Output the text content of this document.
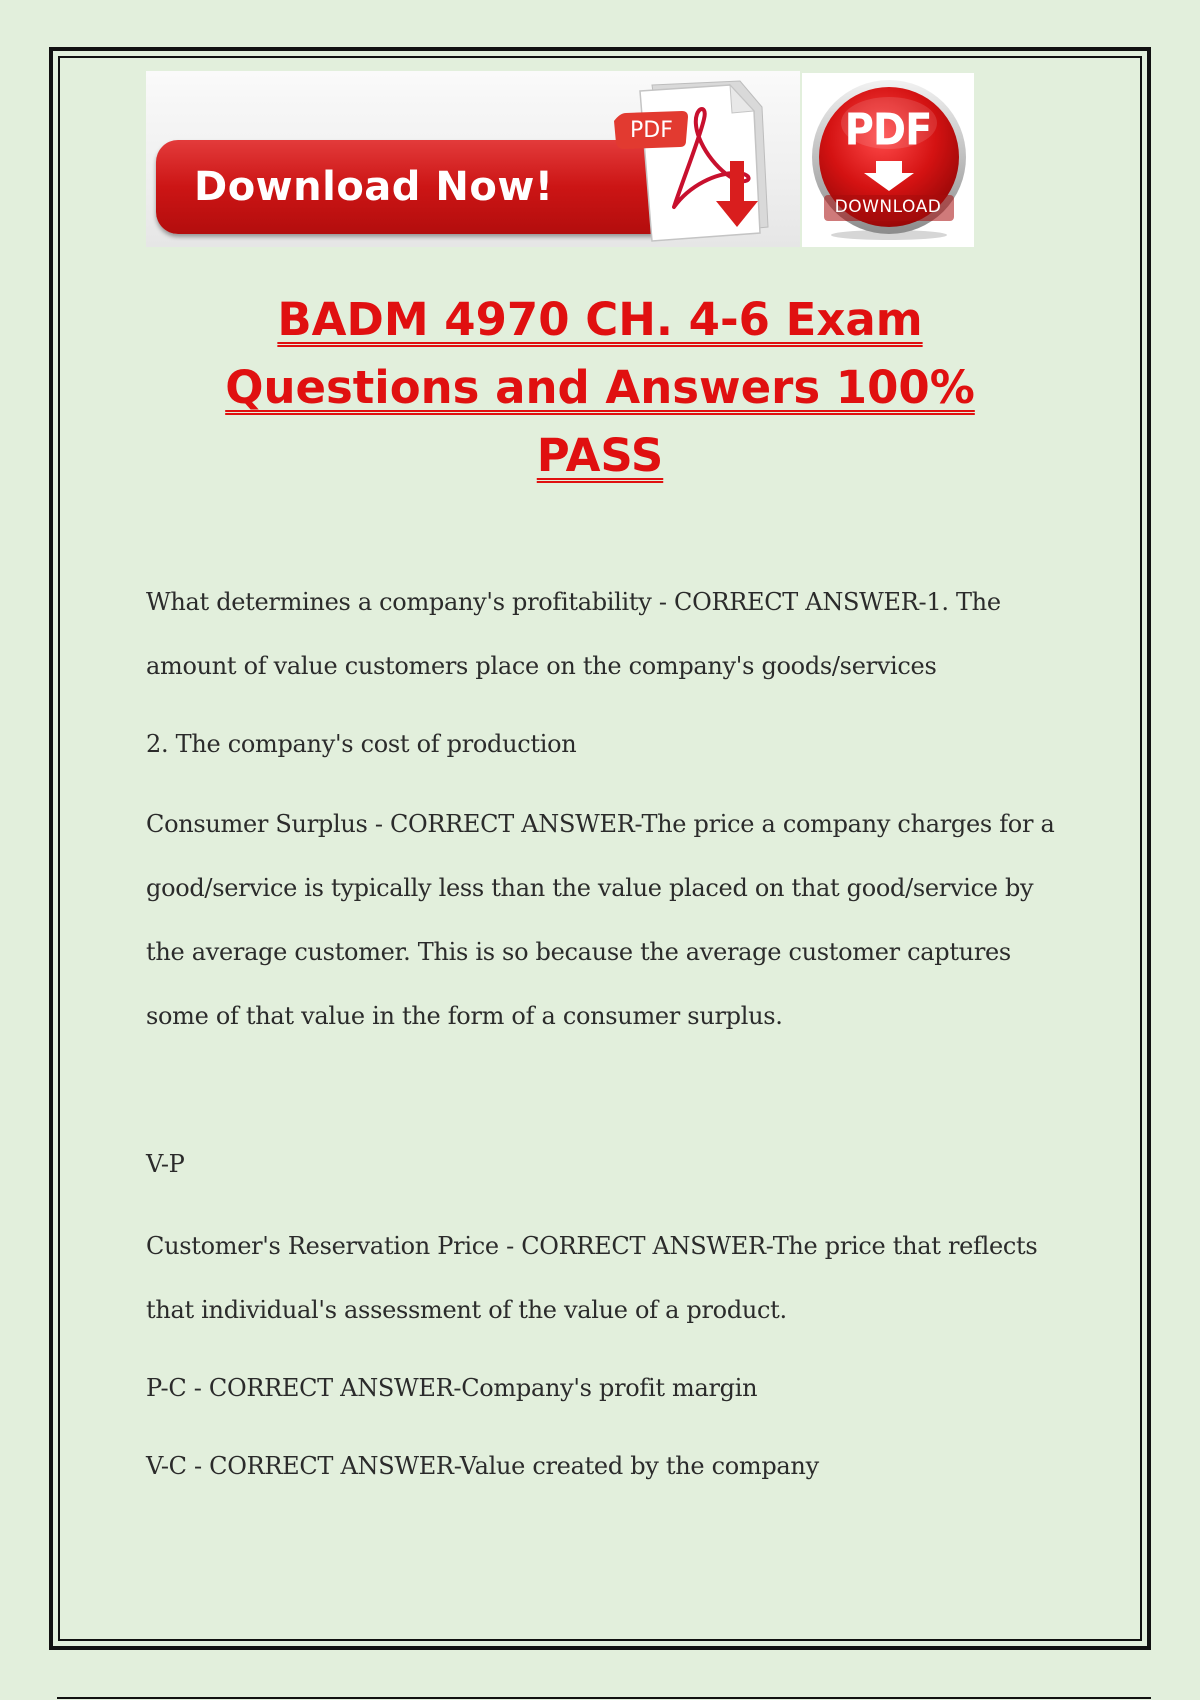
Download Now!
PDF	PDF
DOWNLOAD
BADM 4970 CH. 4-6 Exam
Questions and Answers 100%
PASS

What determines a company's profitability - CORRECT ANSWER-1. The amount of value customers place on the company's goods/services

2. The company's cost of production

Consumer Surplus - CORRECT ANSWER-The price a company charges for a good/service is typically less than the value placed on that good/service by the average customer. This is so because the average customer captures some of that value in the form of a consumer surplus.

V-P

Customer's Reservation Price - CORRECT ANSWER-The price that reflects that individual's assessment of the value of a product.

P-C - CORRECT ANSWER-Company's profit margin

V-C - CORRECT ANSWER-Value created by the company
